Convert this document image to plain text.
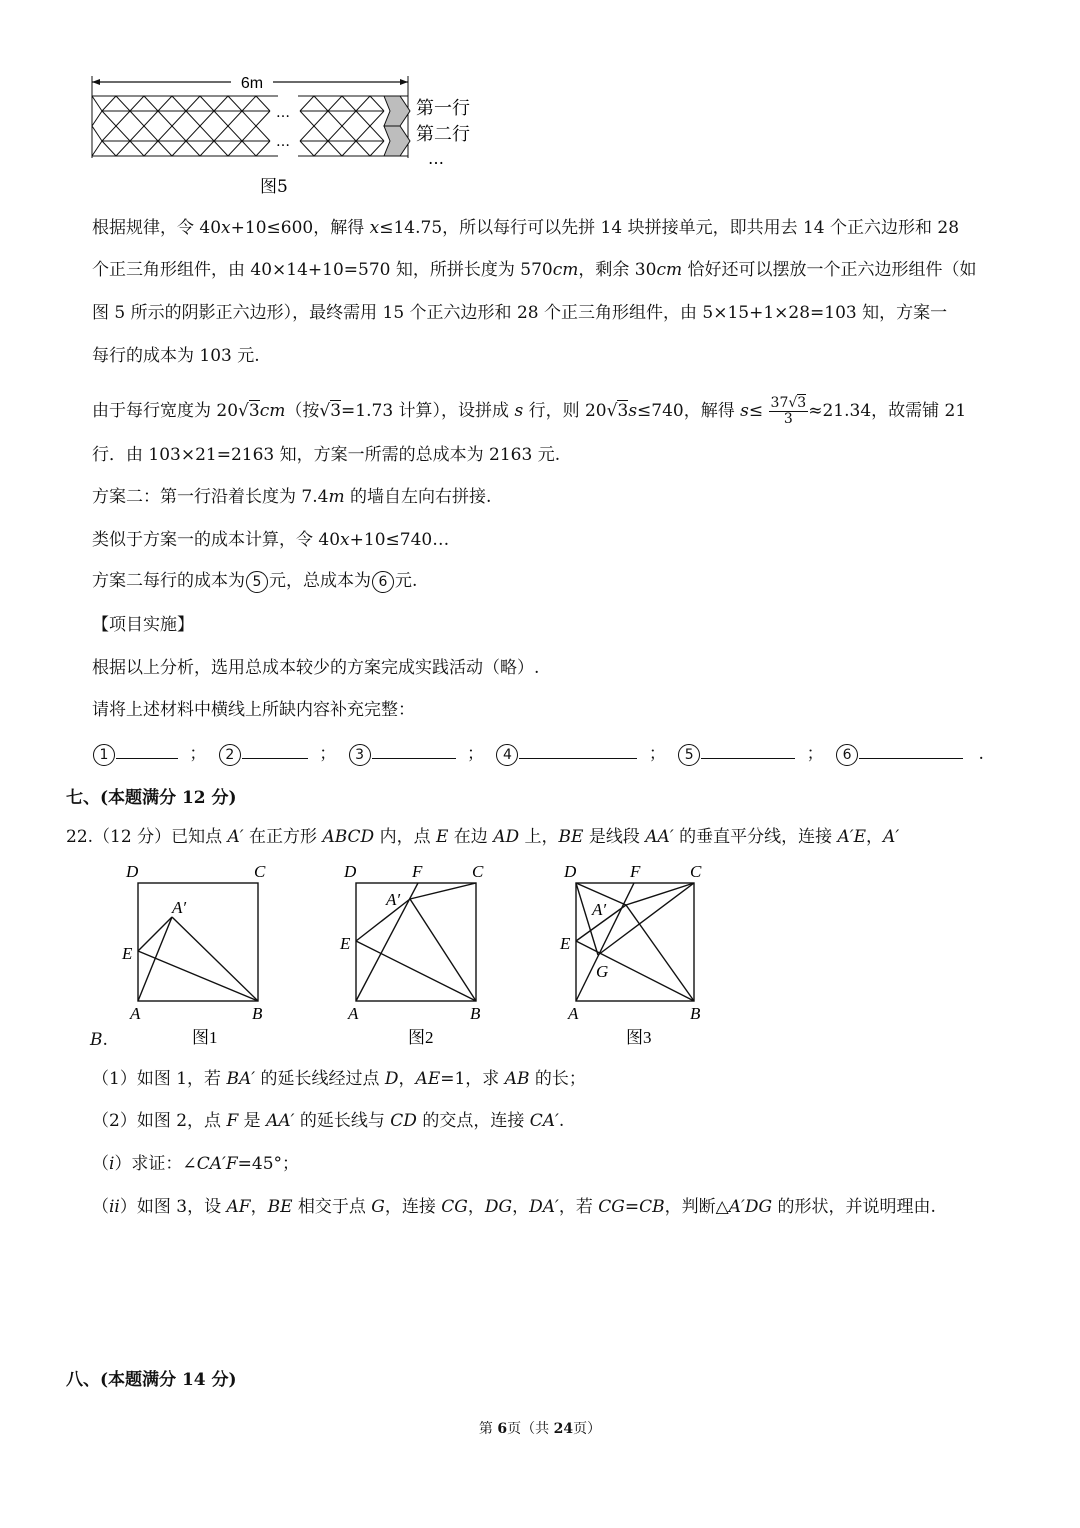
6m
…
…
第一行
第二行
…
图5
根据规律，令 40x+10≤600，解得 x≤14.75，所以每行可以先拼 14 块拼接单元，即共用去 14 个正六边形和 28
个正三角形组件，由 40×14+10=570 知，所拼长度为 570cm，剩余 30cm 恰好还可以摆放一个正六边形组件（如
图 5 所示的阴影正六边形），最终需用 15 个正六边形和 28 个正三角形组件，由 5×15+1×28=103 知，方案一
每行的成本为 103 元.
由于每行宽度为 20√3cm（按√3=1.73 计算），设拼成 s 行，则 20√3s≤740，解得 $s\le \frac{37√3}{3} \approx 21.34$，故需铺 21
行．由 103×21=2163 知，方案一所需的总成本为 2163 元.
方案二：第一行沿着长度为 7.4m 的墙自左向右拼接.
类似于方案一的成本计算，令 40x+10≤740…
方案二每行的成本为 5 元，总成本为 6 元.
【项目实施】
根据以上分析，选用总成本较少的方案完成实践活动（略）.
请将上述材料中横线上所缺内容补充完整：
1	； 2	； 3	； 4	； 5	； 6	.
七、(本题满分 12 分)
22.（12 分）已知点 A′ 在正方形 ABCD 内，点 E 在边 AD 上，BE 是线段 AA′ 的垂直平分线，连接 A′E，A′
D	C
A′
E
A	B
图1
D	F	C
A′
E
A	B
图2
D	F	C
A′
E
G
A	B
图3
B.
（1）如图 1，若 BA′ 的延长线经过点 D，AE=1，求 AB 的长；
（2）如图 2，点 F 是 AA′ 的延长线与 CD 的交点，连接 CA′.
（i）求证：∠CA′F=45°；
（ii）如图 3，设 AF，BE 相交于点 G，连接 CG，DG，DA′，若 CG=CB，判断△A′DG 的形状，并说明理由.
八、(本题满分 14 分)
第 6页（共 24页）
